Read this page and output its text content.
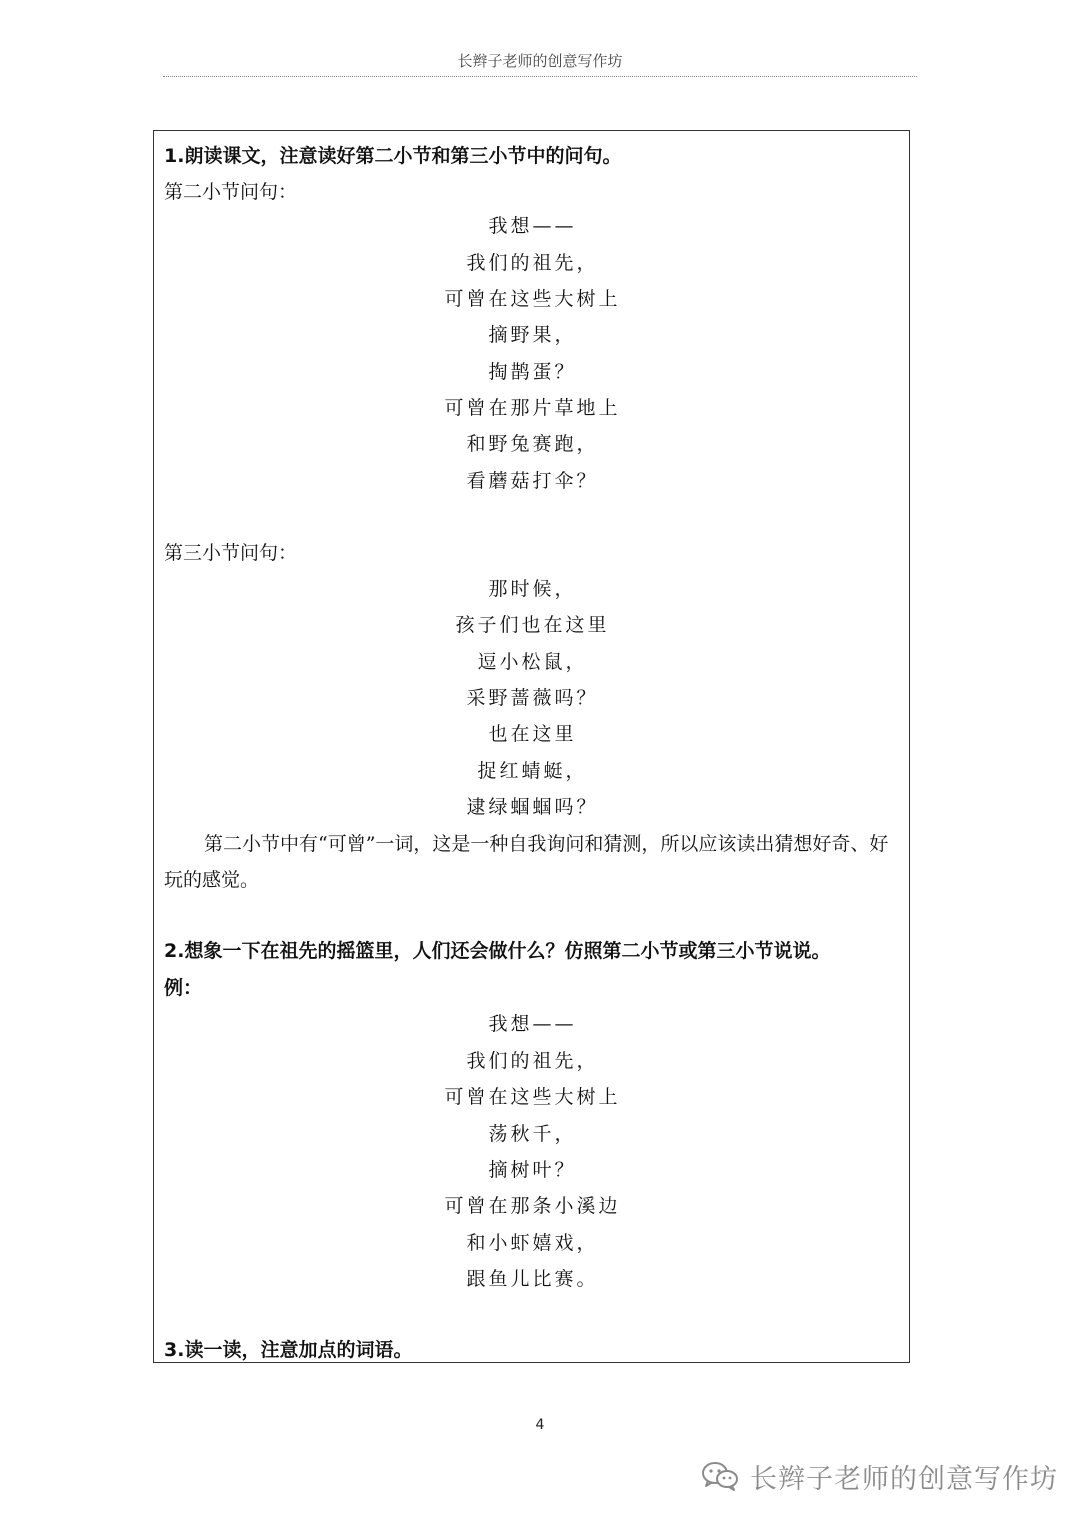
长辫子老师的创意写作坊
1.朗读课文，注意读好第二小节和第三小节中的问句。
第二小节问句：
我想——
我们的祖先，
可曾在这些大树上
摘野果，
掏鹊蛋？
可曾在那片草地上
和野兔赛跑，
看蘑菇打伞？
第三小节问句：
那时候，
孩子们也在这里
逗小松鼠，
采野蔷薇吗？
也在这里
捉红蜻蜓，
逮绿蝈蝈吗？
第二小节中有“可曾”一词，这是一种自我询问和猜测，所以应该读出猜想好奇、好玩的感觉。
2.想象一下在祖先的摇篮里，人们还会做什么？仿照第二小节或第三小节说说。
例：
我想——
我们的祖先，
可曾在这些大树上
荡秋千，
摘树叶？
可曾在那条小溪边
和小虾嬉戏，
跟鱼儿比赛。
3.读一读，注意加点的词语。
4
长辫子老师的创意写作坊
